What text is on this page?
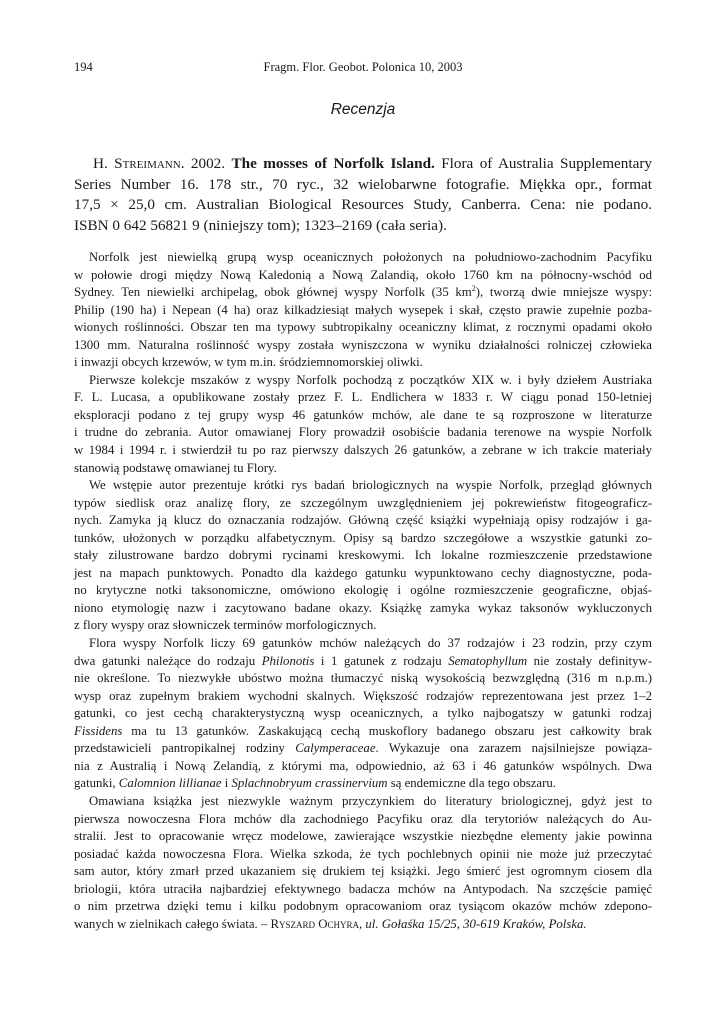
194	Fragm. Flor. Geobot. Polonica 10, 2003
Recenzja
H. Streimann. 2002. The mosses of Norfolk Island. Flora of Australia Supplementary
Series Number 16. 178 str., 70 ryc., 32 wielobarwne fotografie. Miękka opr., format
17,5 × 25,0 cm. Australian Biological Resources Study, Canberra. Cena: nie podano.
ISBN 0 642 56821 9 (niniejszy tom); 1323–2169 (cała seria).
Norfolk jest niewielką grupą wysp oceanicznych położonych na południowo-zachodnim Pacyfiku
w połowie drogi między Nową Kaledonią a Nową Zalandią, około 1760 km na północny-wschód od
Sydney. Ten niewielki archipelag, obok głównej wyspy Norfolk (35 $km^2$), tworzą dwie mniejsze wyspy:
Philip (190 ha) i Nepean (4 ha) oraz kilkadziesiąt małych wysepek i skał, często prawie zupełnie pozba-
wionych roślinności. Obszar ten ma typowy subtropikalny oceaniczny klimat, z rocznymi opadami około
1300 mm. Naturalna roślinność wyspy została wyniszczona w wyniku działalności rolniczej człowieka
i inwazji obcych krzewów, w tym m.in. śródziemnomorskiej oliwki.
Pierwsze kolekcje mszaków z wyspy Norfolk pochodzą z początków XIX w. i były dziełem Austriaka
F. L. Lucasa, a opublikowane zostały przez F. L. Endlichera w 1833 r. W ciągu ponad 150-letniej
eksploracji podano z tej grupy wysp 46 gatunków mchów, ale dane te są rozproszone w literaturze
i trudne do zebrania. Autor omawianej Flory prowadził osobiście badania terenowe na wyspie Norfolk
w 1984 i 1994 r. i stwierdził tu po raz pierwszy dalszych 26 gatunków, a zebrane w ich trakcie materiały
stanowią podstawę omawianej tu Flory.
We wstępie autor prezentuje krótki rys badań briologicznych na wyspie Norfolk, przegląd głównych
typów siedlisk oraz analizę flory, ze szczególnym uwzględnieniem jej pokrewieństw fitogeograficz-
nych. Zamyka ją klucz do oznaczania rodzajów. Główną część książki wypełniają opisy rodzajów i ga-
tunków, ułożonych w porządku alfabetycznym. Opisy są bardzo szczegółowe a wszystkie gatunki zo-
stały zilustrowane bardzo dobrymi rycinami kreskowymi. Ich lokalne rozmieszczenie przedstawione
jest na mapach punktowych. Ponadto dla każdego gatunku wypunktowano cechy diagnostyczne, poda-
no krytyczne notki taksonomiczne, omówiono ekologię i ogólne rozmieszczenie geograficzne, objaś-
niono etymologię nazw i zacytowano badane okazy. Książkę zamyka wykaz taksonów wykluczonych
z flory wyspy oraz słowniczek terminów morfologicznych.
Flora wyspy Norfolk liczy 69 gatunków mchów należących do 37 rodzajów i 23 rodzin, przy czym
dwa gatunki należące do rodzaju Philonotis i 1 gatunek z rodzaju Sematophyllum nie zostały definityw-
nie określone. To niezwykłe ubóstwo można tłumaczyć niską wysokością bezwzględną (316 m n.p.m.)
wysp oraz zupełnym brakiem wychodni skalnych. Większość rodzajów reprezentowana jest przez 1–2
gatunki, co jest cechą charakterystyczną wysp oceanicznych, a tylko najbogatszy w gatunki rodzaj
Fissidens ma tu 13 gatunków. Zaskakującą cechą muskoflory badanego obszaru jest całkowity brak
przedstawicieli pantropikalnej rodziny Calymperaceae. Wykazuje ona zarazem najsilniejsze powiąza-
nia z Australią i Nową Zelandią, z którymi ma, odpowiednio, aż 63 i 46 gatunków wspólnych. Dwa
gatunki, Calomnion lillianae i Splachnobryum crassinervium są endemiczne dla tego obszaru.
Omawiana książka jest niezwykle ważnym przyczynkiem do literatury briologicznej, gdyż jest to
pierwsza nowoczesna Flora mchów dla zachodniego Pacyfiku oraz dla terytoriów należących do Au-
stralii. Jest to opracowanie wręcz modelowe, zawierające wszystkie niezbędne elementy jakie powinna
posiadać każda nowoczesna Flora. Wielka szkoda, że tych pochlebnych opinii nie może już przeczytać
sam autor, który zmarł przed ukazaniem się drukiem tej książki. Jego śmierć jest ogromnym ciosem dla
briologii, która utraciła najbardziej efektywnego badacza mchów na Antypodach. Na szczęście pamięć
o nim przetrwa dzięki temu i kilku podobnym opracowaniom oraz tysiącom okazów mchów zdepono-
wanych w zielnikach całego świata. – Ryszard Ochyra, ul. Gołaśka 15/25, 30-619 Kraków, Polska.
